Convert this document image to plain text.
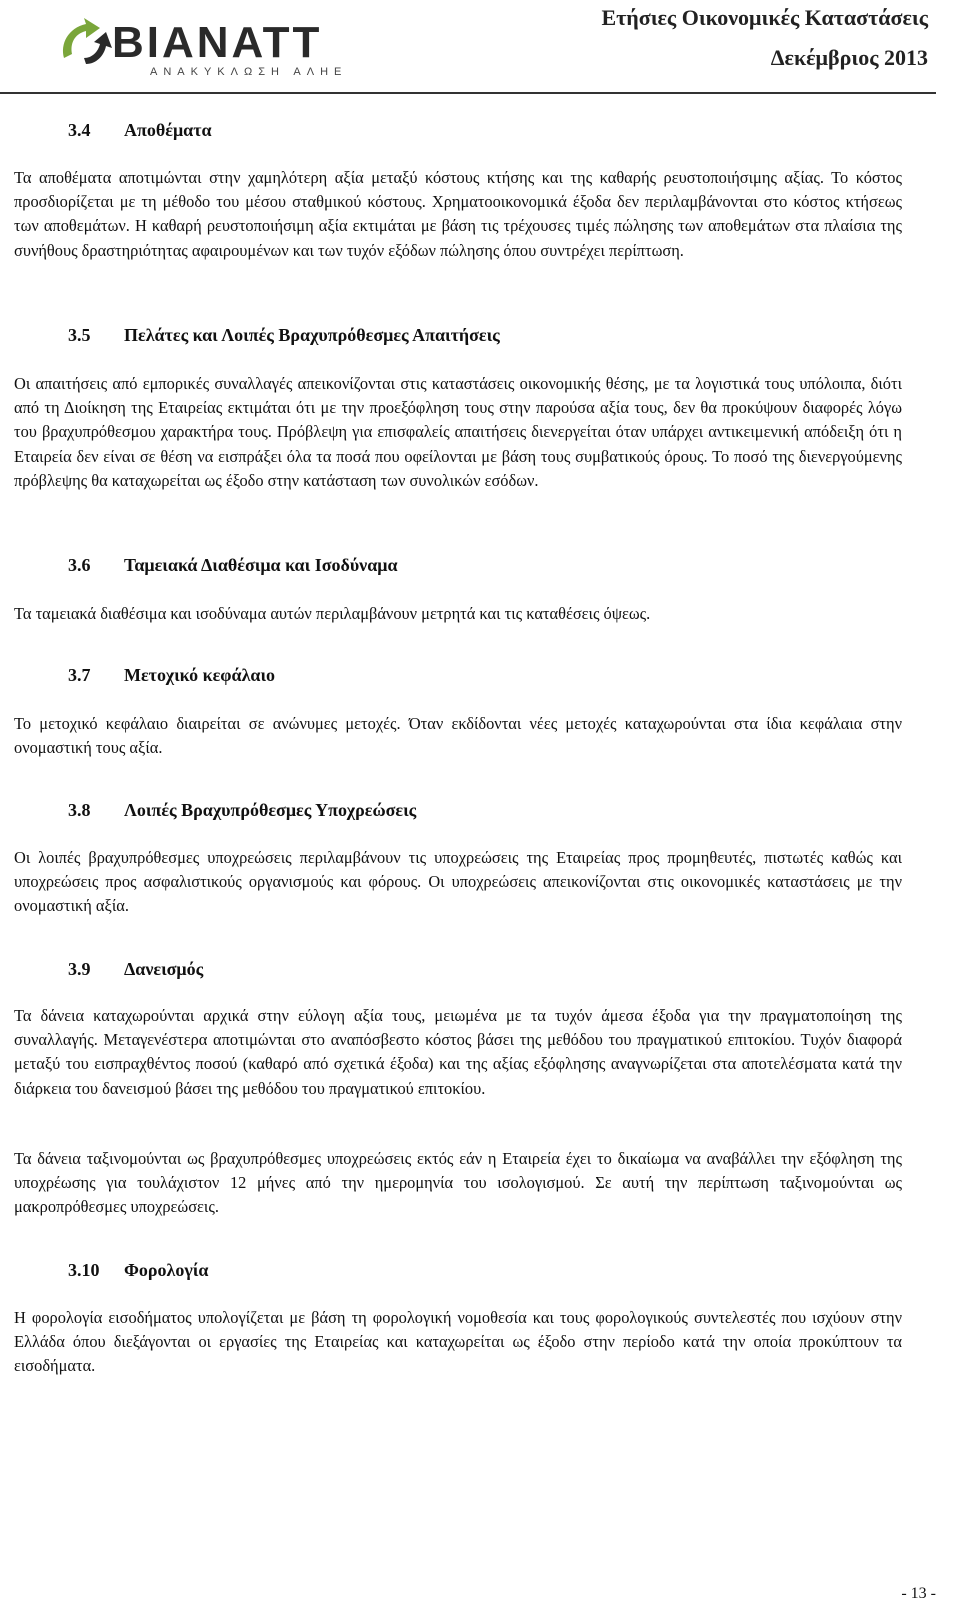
ΒΙΑΝΑΤΤ
ΑΝΑΚΥΚΛΩΣΗ ΑΛΗΕ
Ετήσιες Οικονομικές Καταστάσεις
Δεκέμβριος 2013
3.4 Αποθέματα
Τα αποθέματα αποτιμώνται στην χαμηλότερη αξία μεταξύ κόστους κτήσης και της καθαρής ρευστοποιήσιμης αξίας. Το κόστος προσδιορίζεται με τη μέθοδο του μέσου σταθμικού κόστους. Χρηματοοικονομικά έξοδα δεν περιλαμβάνονται στο κόστος κτήσεως των αποθεμάτων. Η καθαρή ρευστοποιήσιμη αξία εκτιμάται με βάση τις τρέχουσες τιμές πώλησης των αποθεμάτων στα πλαίσια της συνήθους δραστηριότητας αφαιρουμένων και των τυχόν εξόδων πώλησης όπου συντρέχει περίπτωση.
3.5 Πελάτες και Λοιπές Βραχυπρόθεσμες Απαιτήσεις
Οι απαιτήσεις από εμπορικές συναλλαγές απεικονίζονται στις καταστάσεις οικονομικής θέσης, με τα λογιστικά τους υπόλοιπα, διότι από τη Διοίκηση της Εταιρείας εκτιμάται ότι με την προεξόφληση τους στην παρούσα αξία τους, δεν θα προκύψουν διαφορές λόγω του βραχυπρόθεσμου χαρακτήρα τους. Πρόβλεψη για επισφαλείς απαιτήσεις διενεργείται όταν υπάρχει αντικειμενική απόδειξη ότι η Εταιρεία δεν είναι σε θέση να εισπράξει όλα τα ποσά που οφείλονται με βάση τους συμβατικούς όρους. Το ποσό της διενεργούμενης πρόβλεψης θα καταχωρείται ως έξοδο στην κατάσταση των συνολικών εσόδων.
3.6 Ταμειακά Διαθέσιμα και Ισοδύναμα
Τα ταμειακά διαθέσιμα και ισοδύναμα αυτών περιλαμβάνουν μετρητά και τις καταθέσεις όψεως.
3.7 Μετοχικό κεφάλαιο
Το μετοχικό κεφάλαιο διαιρείται σε ανώνυμες μετοχές. Όταν εκδίδονται νέες μετοχές καταχωρούνται στα ίδια κεφάλαια στην ονομαστική τους αξία.
3.8 Λοιπές Βραχυπρόθεσμες Υποχρεώσεις
Οι λοιπές βραχυπρόθεσμες υποχρεώσεις περιλαμβάνουν τις υποχρεώσεις της Εταιρείας προς προμηθευτές, πιστωτές καθώς και υποχρεώσεις προς ασφαλιστικούς οργανισμούς και φόρους. Οι υποχρεώσεις απεικονίζονται στις οικονομικές καταστάσεις με την ονομαστική αξία.
3.9 Δανεισμός
Τα δάνεια καταχωρούνται αρχικά στην εύλογη αξία τους, μειωμένα με τα τυχόν άμεσα έξοδα για την πραγματοποίηση της συναλλαγής. Μεταγενέστερα αποτιμώνται στο αναπόσβεστο κόστος βάσει της μεθόδου του πραγματικού επιτοκίου. Τυχόν διαφορά μεταξύ του εισπραχθέντος ποσού (καθαρό από σχετικά έξοδα) και της αξίας εξόφλησης αναγνωρίζεται στα αποτελέσματα κατά την διάρκεια του δανεισμού βάσει της μεθόδου του πραγματικού επιτοκίου.
Τα δάνεια ταξινομούνται ως βραχυπρόθεσμες υποχρεώσεις εκτός εάν η Εταιρεία έχει το δικαίωμα να αναβάλλει την εξόφληση της υποχρέωσης για τουλάχιστον 12 μήνες από την ημερομηνία του ισολογισμού. Σε αυτή την περίπτωση ταξινομούνται ως μακροπρόθεσμες υποχρεώσεις.
3.10 Φορολογία
Η φορολογία εισοδήματος υπολογίζεται με βάση τη φορολογική νομοθεσία και τους φορολογικούς συντελεστές που ισχύουν στην Ελλάδα όπου διεξάγονται οι εργασίες της Εταιρείας και καταχωρείται ως έξοδο στην περίοδο κατά την οποία προκύπτουν τα εισοδήματα.
- 13 -
